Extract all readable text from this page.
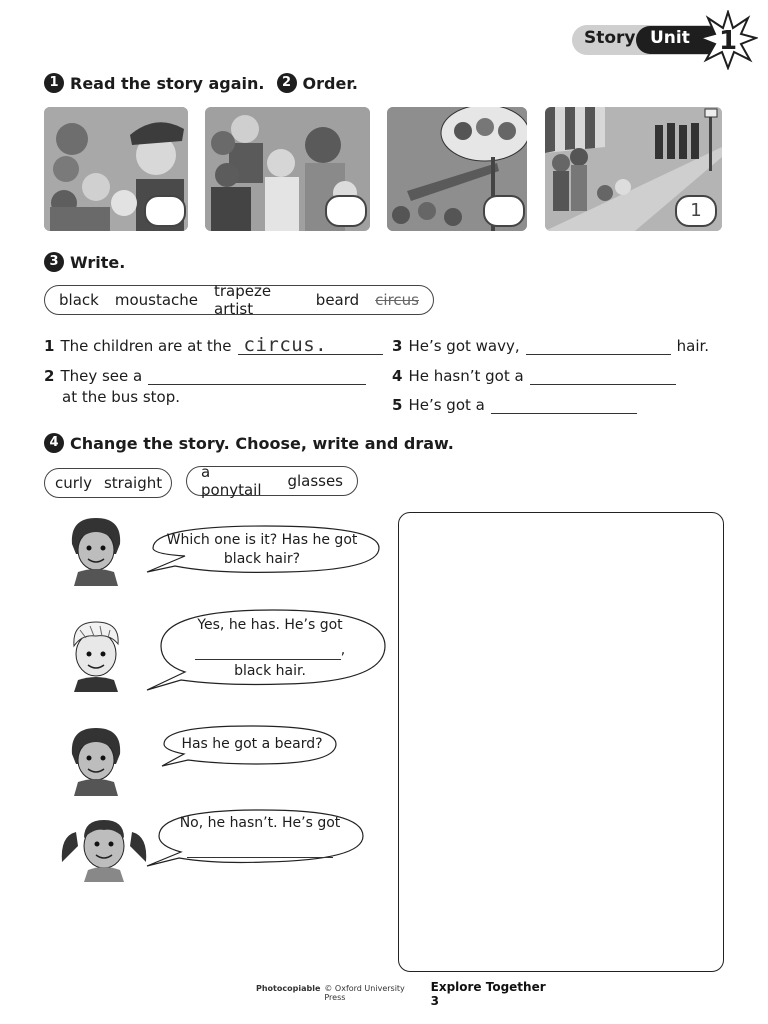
Story Unit 1
1 Read the story again.	2 Order.
1
3 Write.
black moustache trapeze artist	beard circus
1 The children are at the circus.
2 They see a
at the bus stop.
3 He’s got wavy,	hair.
4 He hasn’t got a
5 He’s got a
4 Change the story. Choose, write and draw.
curly straight
a ponytail	glasses
Which one is it? Has he got
black hair?
Yes, he has. He’s got
,
black hair.
Has he got a beard?
No, he hasn’t. He’s got
Photocopiable © Oxford University Press
Explore Together 3
